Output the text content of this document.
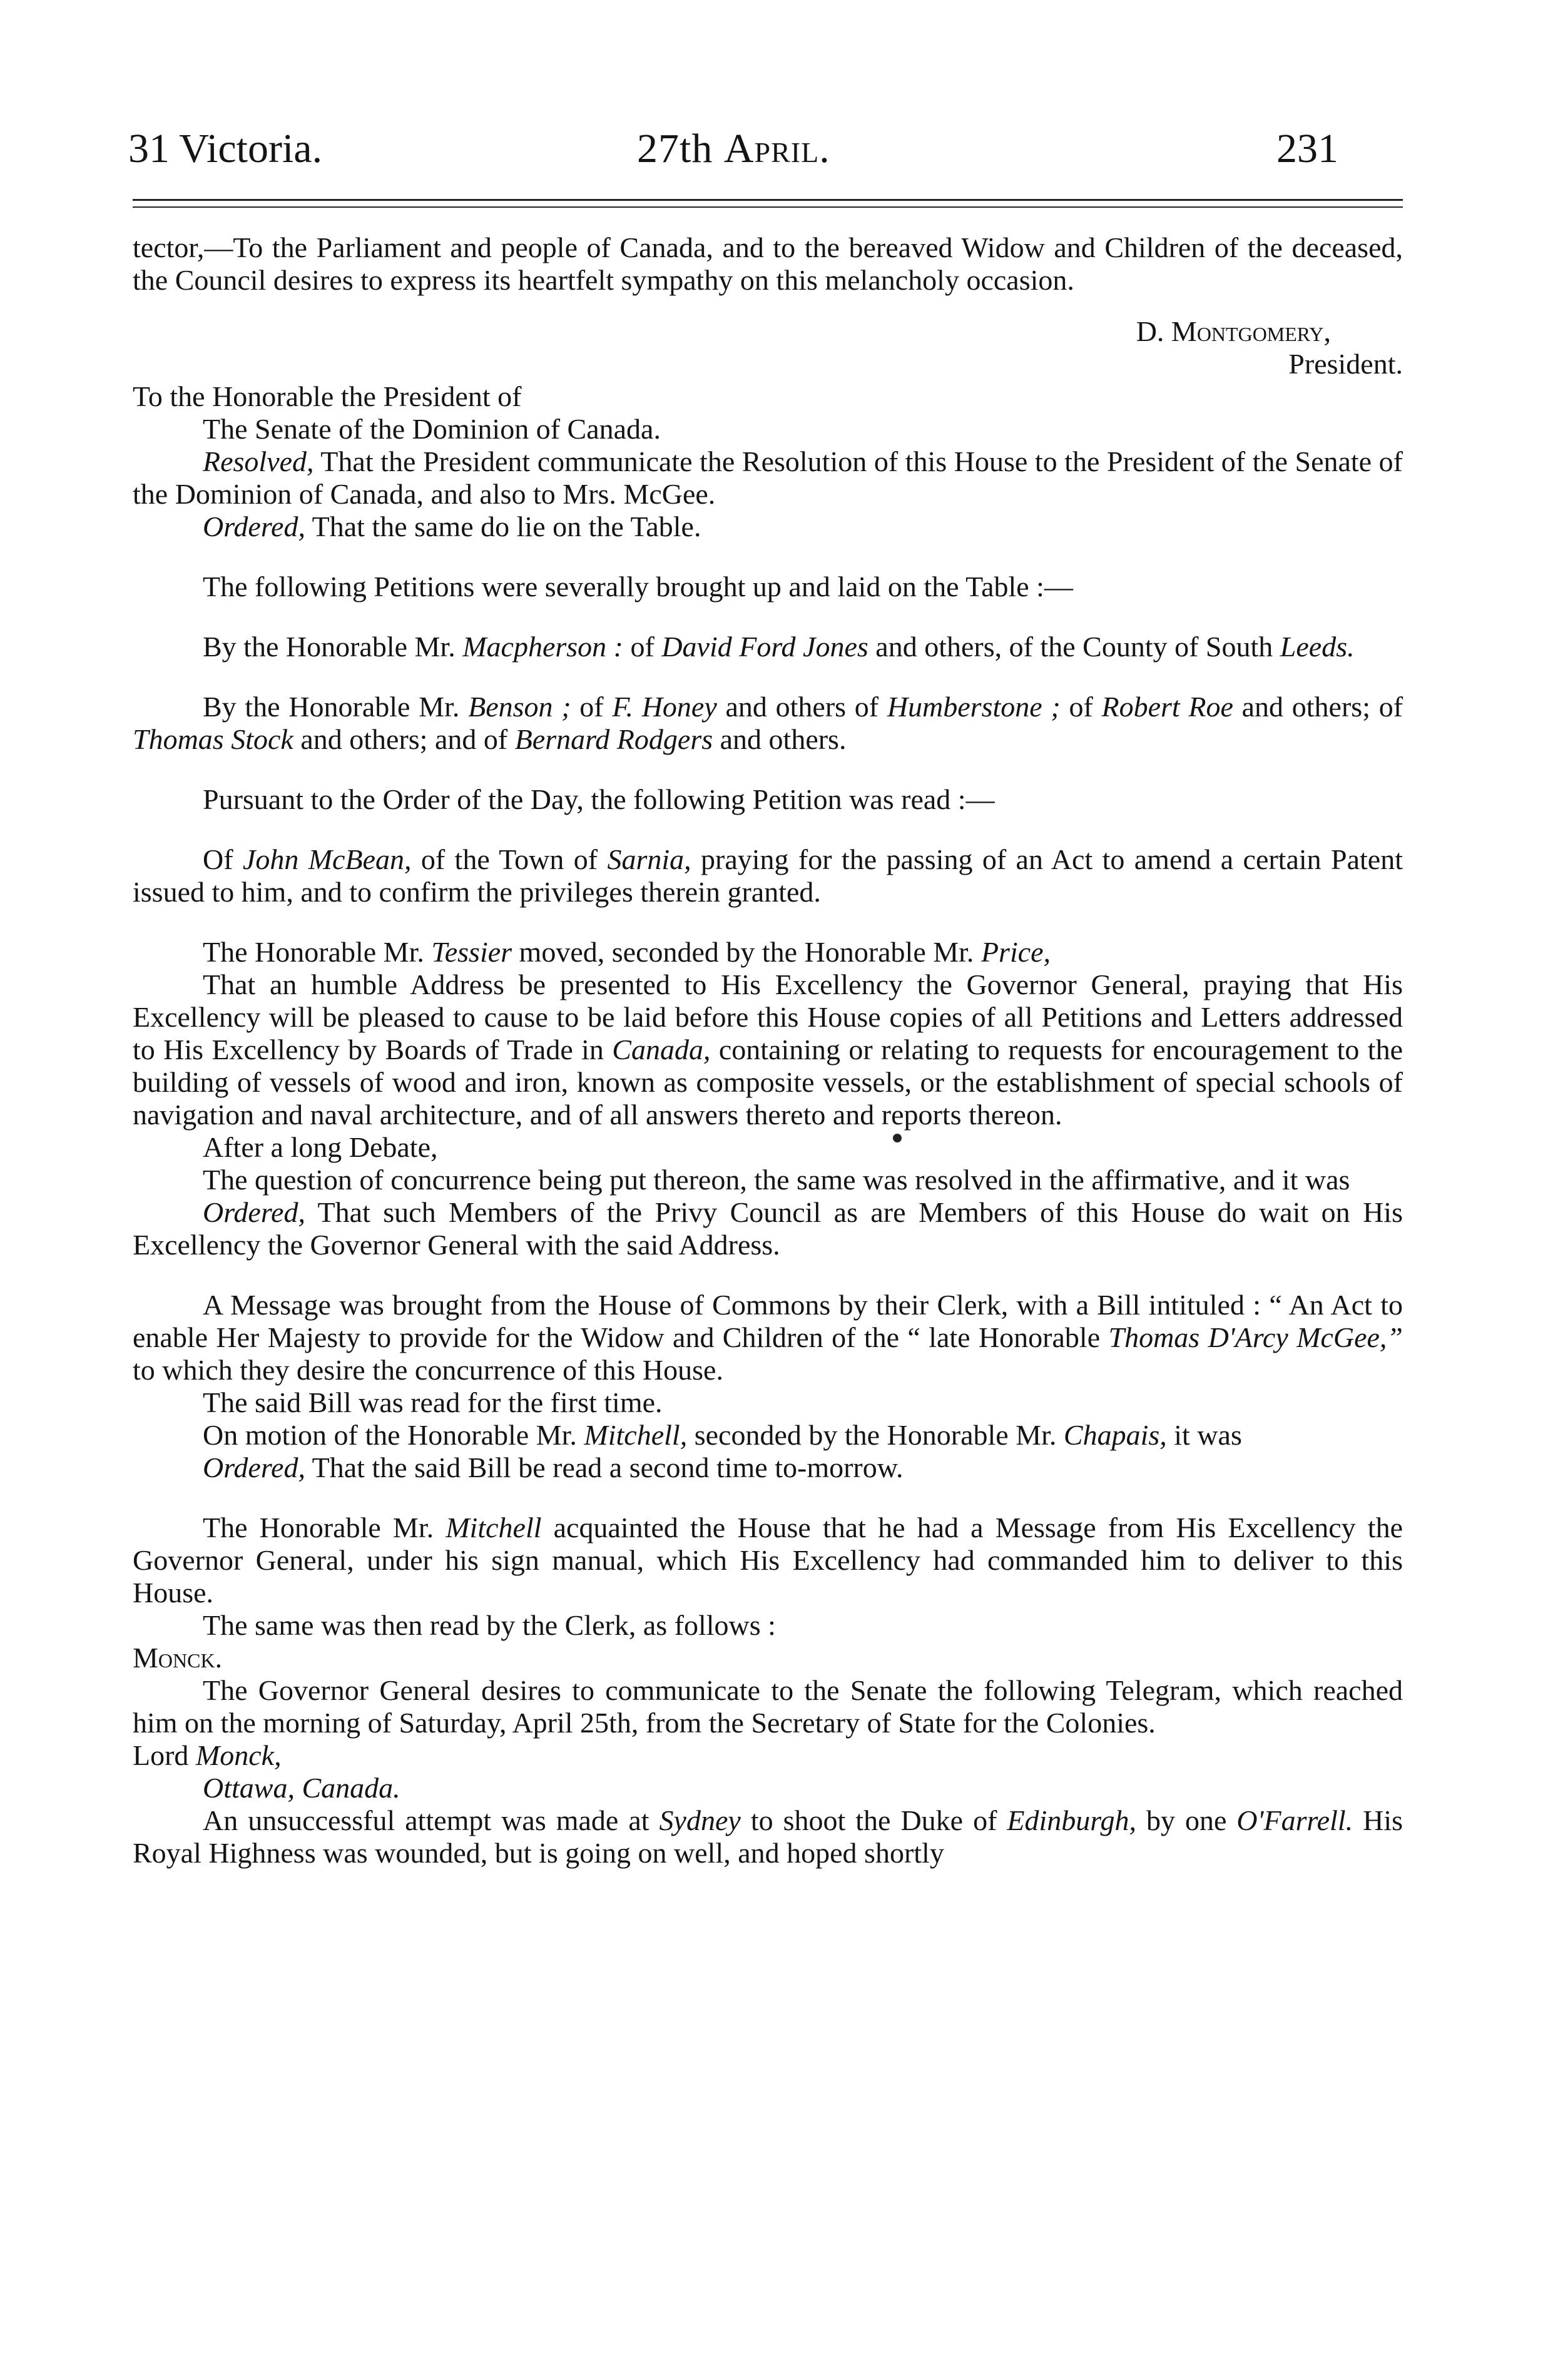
31 Victoria.	27th April.	231

tector,—To the Parliament and people of Canada, and to the bereaved Widow and Children of the deceased, the Council desires to express its heartfelt sympathy on this melancholy occasion.

D. Montgomery,

President.

To the Honorable the President of

The Senate of the Dominion of Canada.

Resolved, That the President communicate the Resolution of this House to the President of the Senate of the Dominion of Canada, and also to Mrs. McGee.

Ordered, That the same do lie on the Table.

The following Petitions were severally brought up and laid on the Table :—

By the Honorable Mr. Macpherson : of David Ford Jones and others, of the County of South Leeds.

By the Honorable Mr. Benson ; of F. Honey and others of Humberstone ; of Robert Roe and others; of Thomas Stock and others; and of Bernard Rodgers and others.

Pursuant to the Order of the Day, the following Petition was read :—

Of John McBean, of the Town of Sarnia, praying for the passing of an Act to amend a certain Patent issued to him, and to confirm the privileges therein granted.

The Honorable Mr. Tessier moved, seconded by the Honorable Mr. Price,

That an humble Address be presented to His Excellency the Governor General, praying that His Excellency will be pleased to cause to be laid before this House copies of all Petitions and Letters addressed to His Excellency by Boards of Trade in Canada, containing or relating to requests for encouragement to the building of vessels of wood and iron, known as composite vessels, or the establishment of special schools of navigation and naval architecture, and of all answers thereto and reports thereon.

After a long Debate,

The question of concurrence being put thereon, the same was resolved in the affirmative, and it was

Ordered, That such Members of the Privy Council as are Members of this House do wait on His Excellency the Governor General with the said Address.

A Message was brought from the House of Commons by their Clerk, with a Bill intituled : “ An Act to enable Her Majesty to provide for the Widow and Children of the “ late Honorable Thomas D'Arcy McGee,” to which they desire the concurrence of this House.

The said Bill was read for the first time.

On motion of the Honorable Mr. Mitchell, seconded by the Honorable Mr. Chapais, it was

Ordered, That the said Bill be read a second time to-morrow.

The Honorable Mr. Mitchell acquainted the House that he had a Message from His Excellency the Governor General, under his sign manual, which His Excellency had commanded him to deliver to this House.

The same was then read by the Clerk, as follows :

Monck.

The Governor General desires to communicate to the Senate the following Telegram, which reached him on the morning of Saturday, April 25th, from the Secretary of State for the Colonies.

Lord Monck,

Ottawa, Canada.

An unsuccessful attempt was made at Sydney to shoot the Duke of Edinburgh, by one O'Farrell. His Royal Highness was wounded, but is going on well, and hoped shortly
